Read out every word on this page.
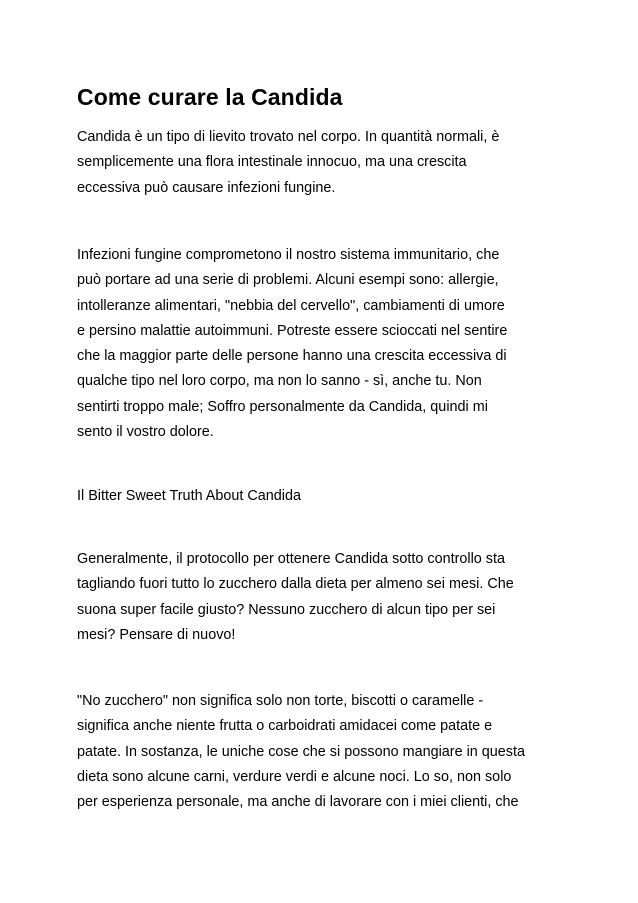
Come curare la Candida

Candida è un tipo di lievito trovato nel corpo. In quantità normali, è
semplicemente una flora intestinale innocuo, ma una crescita
eccessiva può causare infezioni fungine.

Infezioni fungine comprometono il nostro sistema immunitario, che
può portare ad una serie di problemi. Alcuni esempi sono: allergie,
intolleranze alimentari, "nebbia del cervello", cambiamenti di umore
e persino malattie autoimmuni. Potreste essere scioccati nel sentire
che la maggior parte delle persone hanno una crescita eccessiva di
qualche tipo nel loro corpo, ma non lo sanno - sì, anche tu. Non
sentirti troppo male; Soffro personalmente da Candida, quindi mi
sento il vostro dolore.

Il Bitter Sweet Truth About Candida

Generalmente, il protocollo per ottenere Candida sotto controllo sta
tagliando fuori tutto lo zucchero dalla dieta per almeno sei mesi. Che
suona super facile giusto? Nessuno zucchero di alcun tipo per sei
mesi? Pensare di nuovo!

"No zucchero" non significa solo non torte, biscotti o caramelle -
significa anche niente frutta o carboidrati amidacei come patate e
patate. In sostanza, le uniche cose che si possono mangiare in questa
dieta sono alcune carni, verdure verdi e alcune noci. Lo so, non solo
per esperienza personale, ma anche di lavorare con i miei clienti, che
